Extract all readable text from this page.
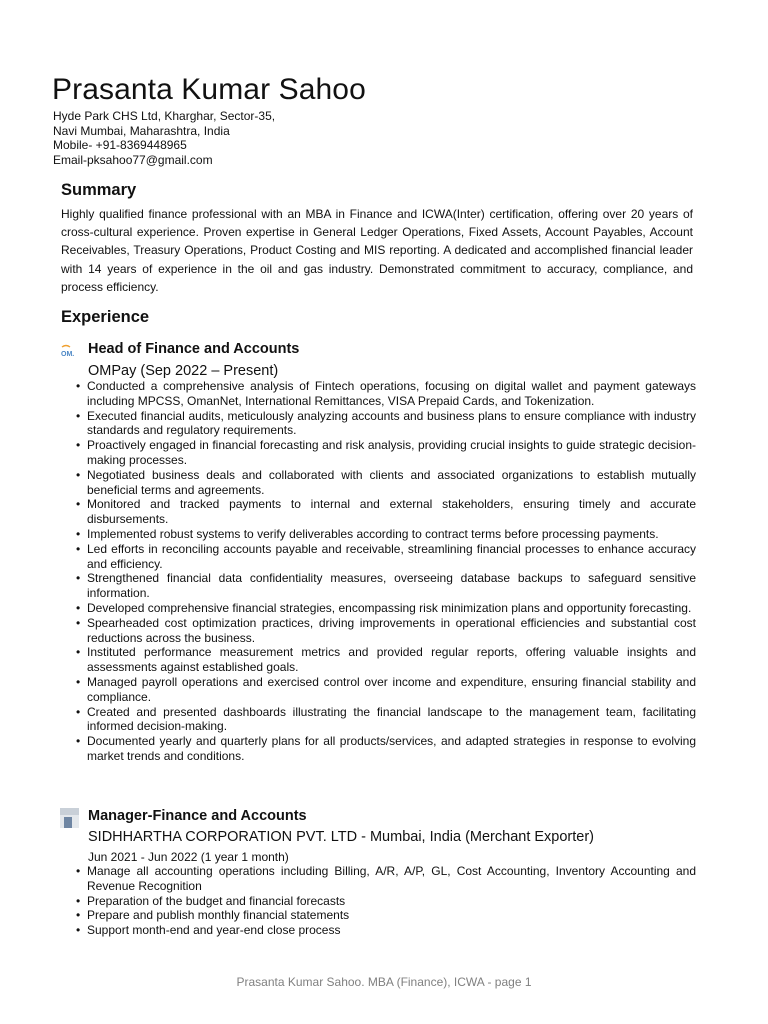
Prasanta Kumar Sahoo
Hyde Park CHS Ltd, Kharghar, Sector-35,
Navi Mumbai, Maharashtra, India
Mobile- +91-8369448965
Email-pksahoo77@gmail.com
Summary
Highly qualified finance professional with an MBA in Finance and ICWA(Inter) certification, offering over 20 years of cross-cultural experience. Proven expertise in General Ledger Operations, Fixed Assets, Account Payables, Account Receivables, Treasury Operations, Product Costing and MIS reporting. A dedicated and accomplished financial leader with 14 years of experience in the oil and gas industry. Demonstrated commitment to accuracy, compliance, and process efficiency.
Experience
OM. Head of Finance and Accounts
OMPay (Sep 2022 – Present)
• Conducted a comprehensive analysis of Fintech operations, focusing on digital wallet and payment gateways including MPCSS, OmanNet, International Remittances, VISA Prepaid Cards, and Tokenization.
• Executed financial audits, meticulously analyzing accounts and business plans to ensure compliance with industry standards and regulatory requirements.
• Proactively engaged in financial forecasting and risk analysis, providing crucial insights to guide strategic decision-making processes.
• Negotiated business deals and collaborated with clients and associated organizations to establish mutually beneficial terms and agreements.
• Monitored and tracked payments to internal and external stakeholders, ensuring timely and accurate disbursements.
• Implemented robust systems to verify deliverables according to contract terms before processing payments.
• Led efforts in reconciling accounts payable and receivable, streamlining financial processes to enhance accuracy and efficiency.
• Strengthened financial data confidentiality measures, overseeing database backups to safeguard sensitive information.
• Developed comprehensive financial strategies, encompassing risk minimization plans and opportunity forecasting.
• Spearheaded cost optimization practices, driving improvements in operational efficiencies and substantial cost reductions across the business.
• Instituted performance measurement metrics and provided regular reports, offering valuable insights and assessments against established goals.
• Managed payroll operations and exercised control over income and expenditure, ensuring financial stability and compliance.
• Created and presented dashboards illustrating the financial landscape to the management team, facilitating informed decision-making.
• Documented yearly and quarterly plans for all products/services, and adapted strategies in response to evolving market trends and conditions.
Manager-Finance and Accounts
SIDHHARTHA CORPORATION PVT. LTD - Mumbai, India (Merchant Exporter)
Jun 2021 - Jun 2022 (1 year 1 month)
• Manage all accounting operations including Billing, A/R, A/P, GL, Cost Accounting, Inventory Accounting and Revenue Recognition
• Preparation of the budget and financial forecasts
• Prepare and publish monthly financial statements
• Support month-end and year-end close process
Prasanta Kumar Sahoo. MBA (Finance), ICWA - page 1
